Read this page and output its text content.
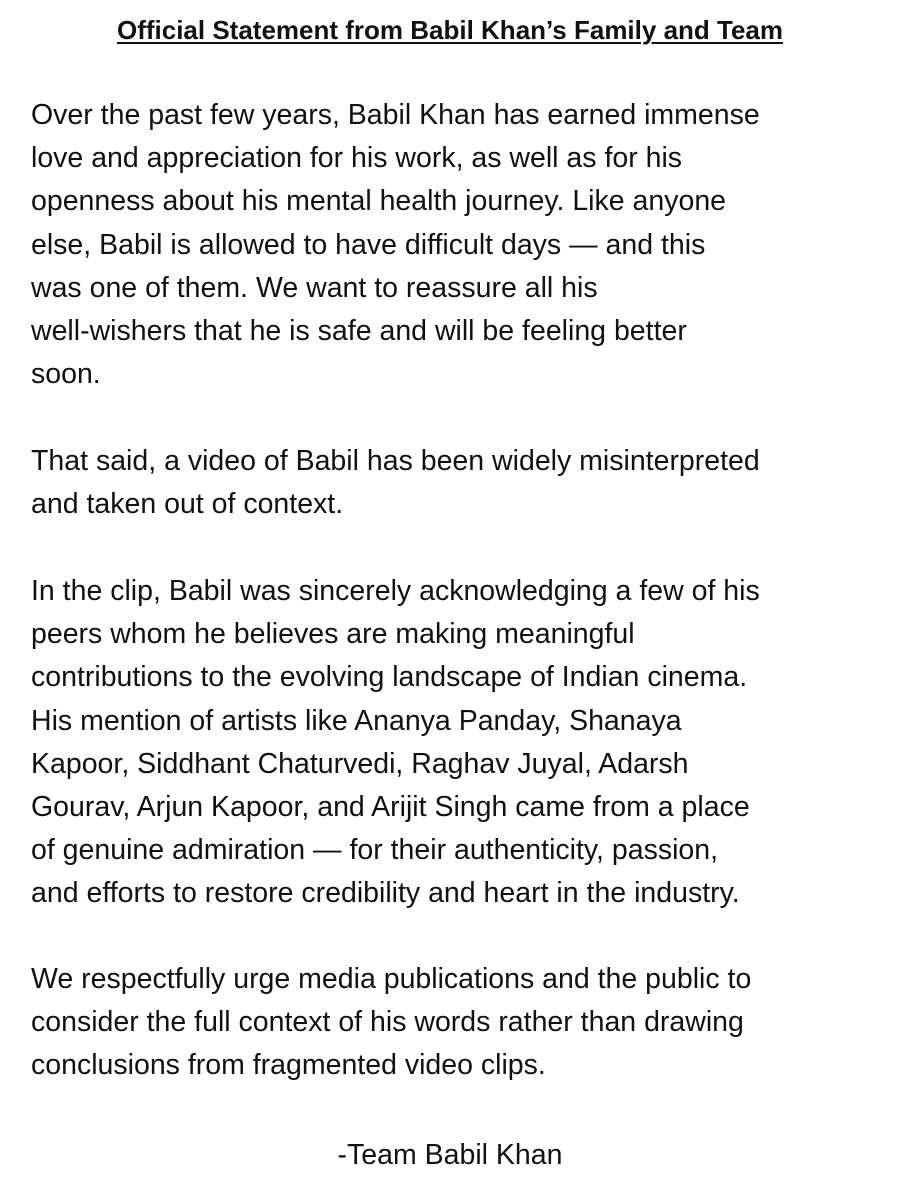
Official Statement from Babil Khan’s Family and Team
Over the past few years, Babil Khan has earned immense
love and appreciation for his work, as well as for his
openness about his mental health journey. Like anyone
else, Babil is allowed to have difficult days — and this
was one of them. We want to reassure all his
well-wishers that he is safe and will be feeling better
soon.
That said, a video of Babil has been widely misinterpreted
and taken out of context.
In the clip, Babil was sincerely acknowledging a few of his
peers whom he believes are making meaningful
contributions to the evolving landscape of Indian cinema.
His mention of artists like Ananya Panday, Shanaya
Kapoor, Siddhant Chaturvedi, Raghav Juyal, Adarsh
Gourav, Arjun Kapoor, and Arijit Singh came from a place
of genuine admiration — for their authenticity, passion,
and efforts to restore credibility and heart in the industry.
We respectfully urge media publications and the public to
consider the full context of his words rather than drawing
conclusions from fragmented video clips.
-Team Babil Khan
